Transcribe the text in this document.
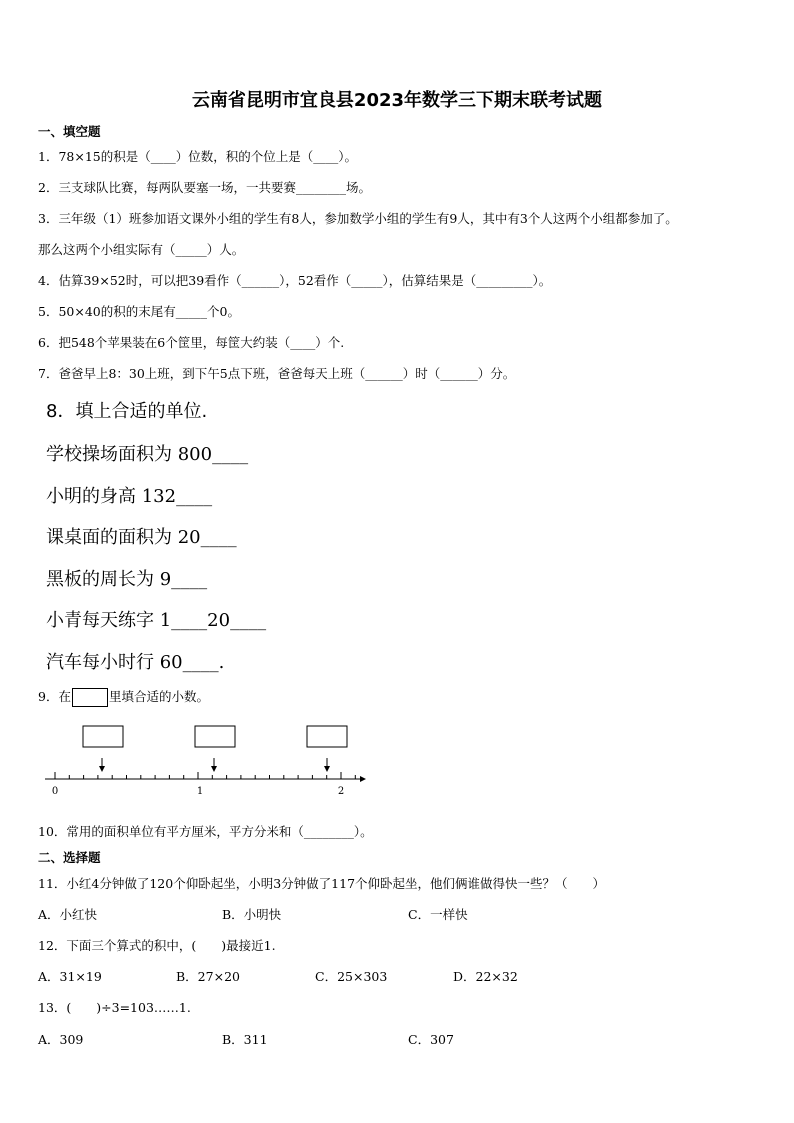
云南省昆明市宜良县2023年数学三下期末联考试题
一、填空题
1．78×15的积是（____）位数，积的个位上是（____）。
2．三支球队比赛，每两队要塞一场，一共要赛________场。
3．三年级（1）班参加语文课外小组的学生有8人，参加数学小组的学生有9人，其中有3个人这两个小组都参加了。
那么这两个小组实际有（_____）人。
4．估算39×52时，可以把39看作（______），52看作（_____），估算结果是（_________）。
5．50×40的积的末尾有_____个0。
6．把548个苹果装在6个筐里，每筐大约装（____）个.
7．爸爸早上8：30上班，到下午5点下班，爸爸每天上班（______）时（______）分。
8．填上合适的单位.
学校操场面积为 800____
小明的身高 132____
课桌面的面积为 20____
黑板的周长为 9____
小青每天练字 1____20____
汽车每小时行 60____.
9．在	里填合适的小数。
0	1	2
10．常用的面积单位有平方厘米，平方分米和（________）。
二、选择题
11．小红4分钟做了120个仰卧起坐，小明3分钟做了117个仰卧起坐，他们俩谁做得快一些？（　　）
A．小红快	B．小明快	C．一样快
12．下面三个算式的积中，(　　)最接近1.
A．31×19	B．27×20	C．25×303	D．22×32
13．(　　)÷3=103……1.
A．309	B．311	C．307
